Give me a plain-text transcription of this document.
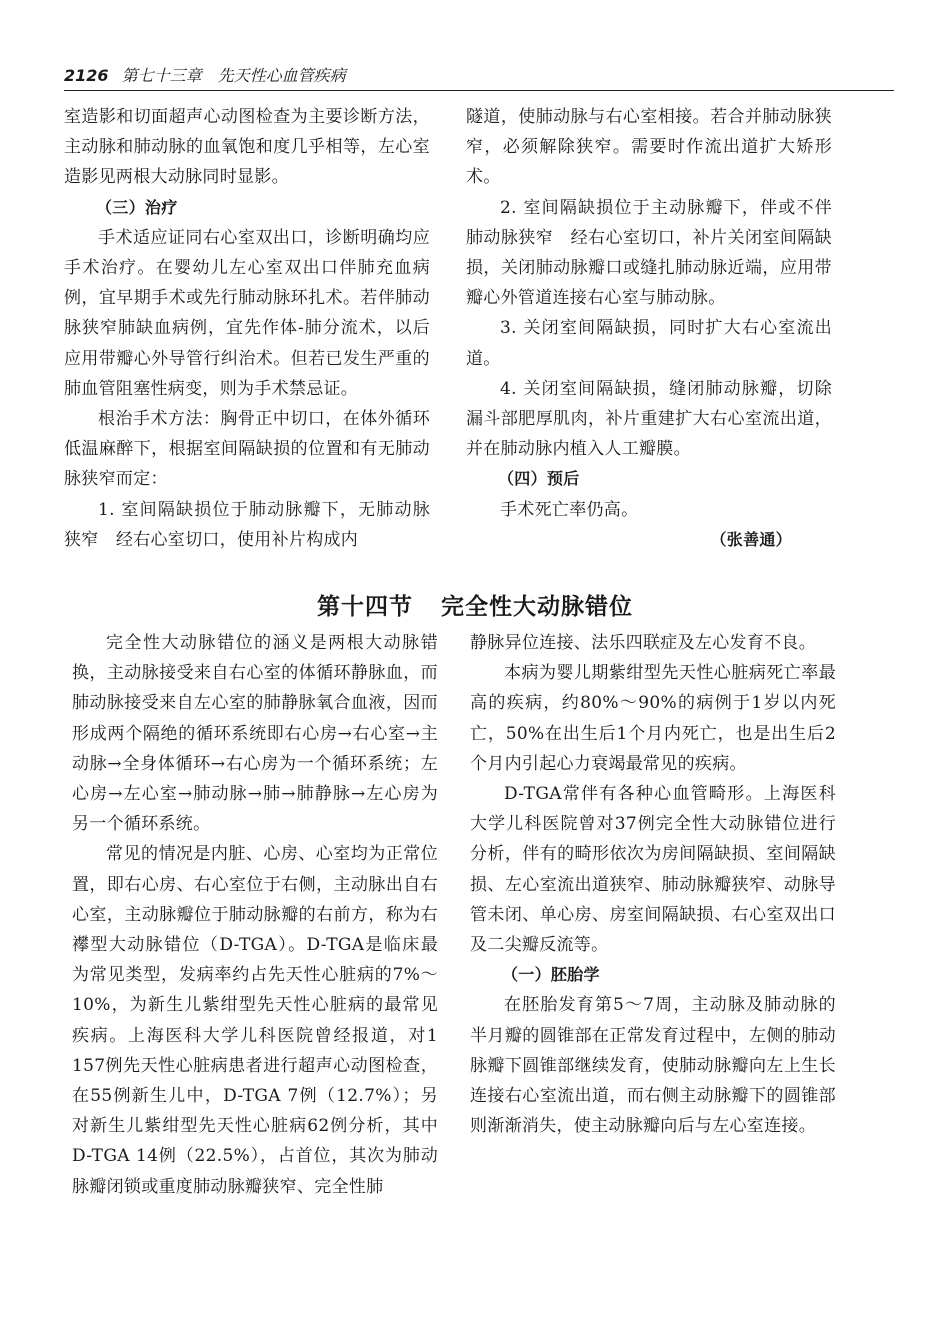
2126 第七十三章　先天性心血管疾病

室造影和切面超声心动图检查为主要诊断方法，主动脉和肺动脉的血氧饱和度几乎相等，左心室造影见两根大动脉同时显影。

（三）治疗

手术适应证同右心室双出口，诊断明确均应手术治疗。在婴幼儿左心室双出口伴肺充血病例，宜早期手术或先行肺动脉环扎术。若伴肺动脉狭窄肺缺血病例，宜先作体-肺分流术，以后应用带瓣心外导管行纠治术。但若已发生严重的肺血管阻塞性病变，则为手术禁忌证。

根治手术方法：胸骨正中切口，在体外循环低温麻醉下，根据室间隔缺损的位置和有无肺动脉狭窄而定：

1. 室间隔缺损位于肺动脉瓣下，无肺动脉狭窄　经右心室切口，使用补片构成内

隧道，使肺动脉与右心室相接。若合并肺动脉狭窄，必须解除狭窄。需要时作流出道扩大矫形术。

2. 室间隔缺损位于主动脉瓣下，伴或不伴肺动脉狭窄　经右心室切口，补片关闭室间隔缺损，关闭肺动脉瓣口或缝扎肺动脉近端，应用带瓣心外管道连接右心室与肺动脉。

3. 关闭室间隔缺损，同时扩大右心室流出道。

4. 关闭室间隔缺损，缝闭肺动脉瓣，切除漏斗部肥厚肌肉，补片重建扩大右心室流出道，并在肺动脉内植入人工瓣膜。

（四）预后

手术死亡率仍高。

（张善通）
第十四节 完全性大动脉错位

完全性大动脉错位的涵义是两根大动脉错换，主动脉接受来自右心室的体循环静脉血，而肺动脉接受来自左心室的肺静脉氧合血液，因而形成两个隔绝的循环系统即右心房→右心室→主动脉→全身体循环→右心房为一个循环系统；左心房→左心室→肺动脉→肺→肺静脉→左心房为另一个循环系统。

常见的情况是内脏、心房、心室均为正常位置，即右心房、右心室位于右侧，主动脉出自右心室，主动脉瓣位于肺动脉瓣的右前方，称为右襻型大动脉错位（D-TGA）。D-TGA是临床最为常见类型，发病率约占先天性心脏病的7%～10%，为新生儿紫绀型先天性心脏病的最常见疾病。上海医科大学儿科医院曾经报道，对1 157例先天性心脏病患者进行超声心动图检查，在55例新生儿中，D-TGA 7例（12.7%）；另对新生儿紫绀型先天性心脏病62例分析，其中D-TGA 14例（22.5%），占首位，其次为肺动脉瓣闭锁或重度肺动脉瓣狭窄、完全性肺

静脉异位连接、法乐四联症及左心发育不良。

本病为婴儿期紫绀型先天性心脏病死亡率最高的疾病，约80%～90%的病例于1岁以内死亡，50%在出生后1个月内死亡，也是出生后2个月内引起心力衰竭最常见的疾病。

D-TGA常伴有各种心血管畸形。上海医科大学儿科医院曾对37例完全性大动脉错位进行分析，伴有的畸形依次为房间隔缺损、室间隔缺损、左心室流出道狭窄、肺动脉瓣狭窄、动脉导管未闭、单心房、房室间隔缺损、右心室双出口及二尖瓣反流等。

（一）胚胎学

在胚胎发育第5～7周，主动脉及肺动脉的半月瓣的圆锥部在正常发育过程中，左侧的肺动脉瓣下圆锥部继续发育，使肺动脉瓣向左上生长连接右心室流出道，而右侧主动脉瓣下的圆锥部则渐渐消失，使主动脉瓣向后与左心室连接。
